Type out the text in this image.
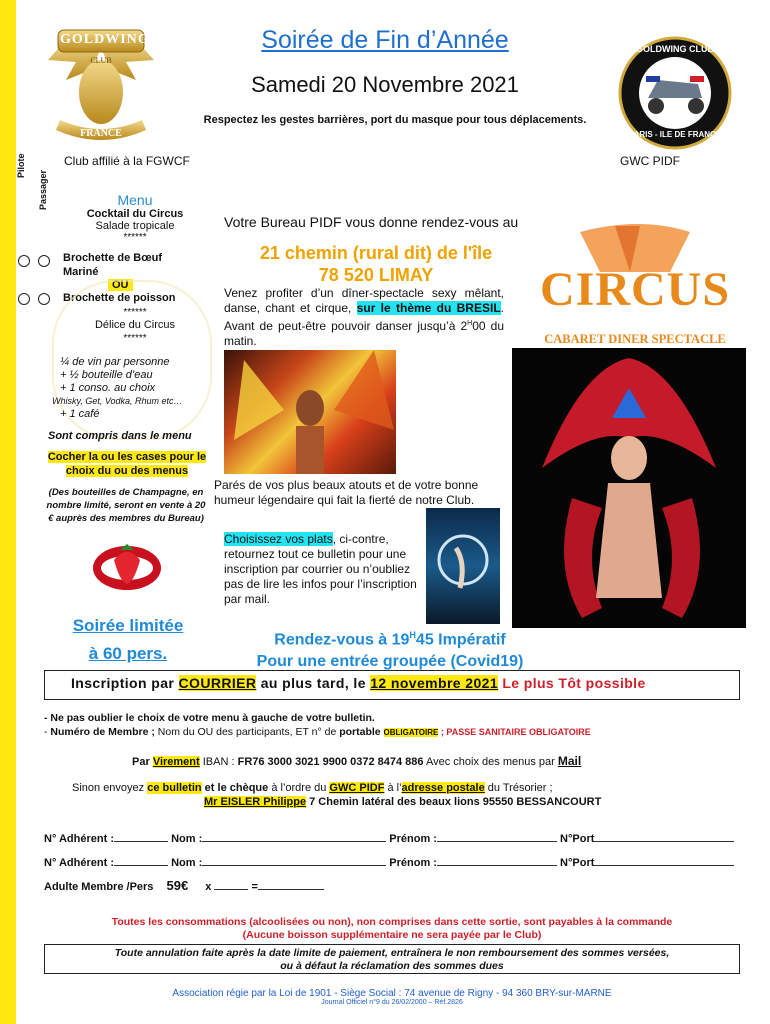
Pilote
Passager
GOLDWING
CLUB
FRANCE
GOLDWING CLUB
PARIS - ILE DE FRANCE
Soirée de Fin d’Année
Samedi 20 Novembre 2021
Respectez les gestes barrières, port du masque pour tous déplacements.
Club affilié à la FGWCF	GWC PIDF
Menu
Cocktail du Circus
Salade tropicale
******
Brochette de Bœuf Mariné
OU
Brochette de poisson
******
Délice du Circus
******
¼ de vin par personne
+ ½ bouteille d’eau
+ 1 conso. au choix
Whisky, Get, Vodka, Rhum etc…
+ 1 café
Sont compris dans le menu
Cocher la ou les cases pour le choix du ou des menus
(Des bouteilles de Champagne, en nombre limité, seront en vente à 20 € auprès des membres du Bureau)
Soirée limitée
à 60 pers.
Votre Bureau PIDF vous donne rendez-vous au
21 chemin (rural dit) de l'île
78 520 LIMAY
Venez profiter d’un dîner-spectacle sexy mêlant, danse, chant et cirque, sur le thème du BRESIL. Avant de peut-être pouvoir danser jusqu’à $2^H00$ du matin.
CIRCUS
CABARET DINER SPECTACLE
Parés de vos plus beaux atouts et de votre bonne humeur légendaire qui fait la fierté de notre Club.
Choisissez vos plats, ci-contre, retournez tout ce bulletin pour une inscription par courrier ou n’oubliez pas de lire les infos pour l’inscription par mail.
Rendez-vous à $19^H45$ Impératif
Pour une entrée groupée (Covid19)
Inscription par COURRIER au plus tard, le 12 novembre 2021 Le plus Tôt possible
- Ne pas oublier le choix de votre menu à gauche de votre bulletin.
- Numéro de Membre ; Nom du OU des participants, ET n° de portable OBLIGATOIRE ; PASSE SANITAIRE OBLIGATOIRE
Par Virement IBAN : FR76 3000 3021 9900 0372 8474 886 Avec choix des menus par Mail
Sinon envoyez ce bulletin et le chèque à l’ordre du GWC PIDF à l’adresse postale du Trésorier ;
Mr EISLER Philippe 7 Chemin latéral des beaux lions 95550 BESSANCOURT
N° Adhérent :	Nom :	Prénom :	N°Port
N° Adhérent :	Nom :	Prénom :	N°Port
Adulte Membre /Pers 59€ x	=
Toutes les consommations (alcoolisées ou non), non comprises dans cette sortie, sont payables à la commande
(Aucune boisson supplémentaire ne sera payée par le Club)
Toute annulation faite après la date limite de paiement, entraînera le non remboursement des sommes versées,
ou à défaut la réclamation des sommes dues
Association régie par la Loi de 1901 - Siège Social : 74 avenue de Rigny - 94 360 BRY-sur-MARNE
Journal Officiel n°9 du 26/02/2000 – Réf.2826
